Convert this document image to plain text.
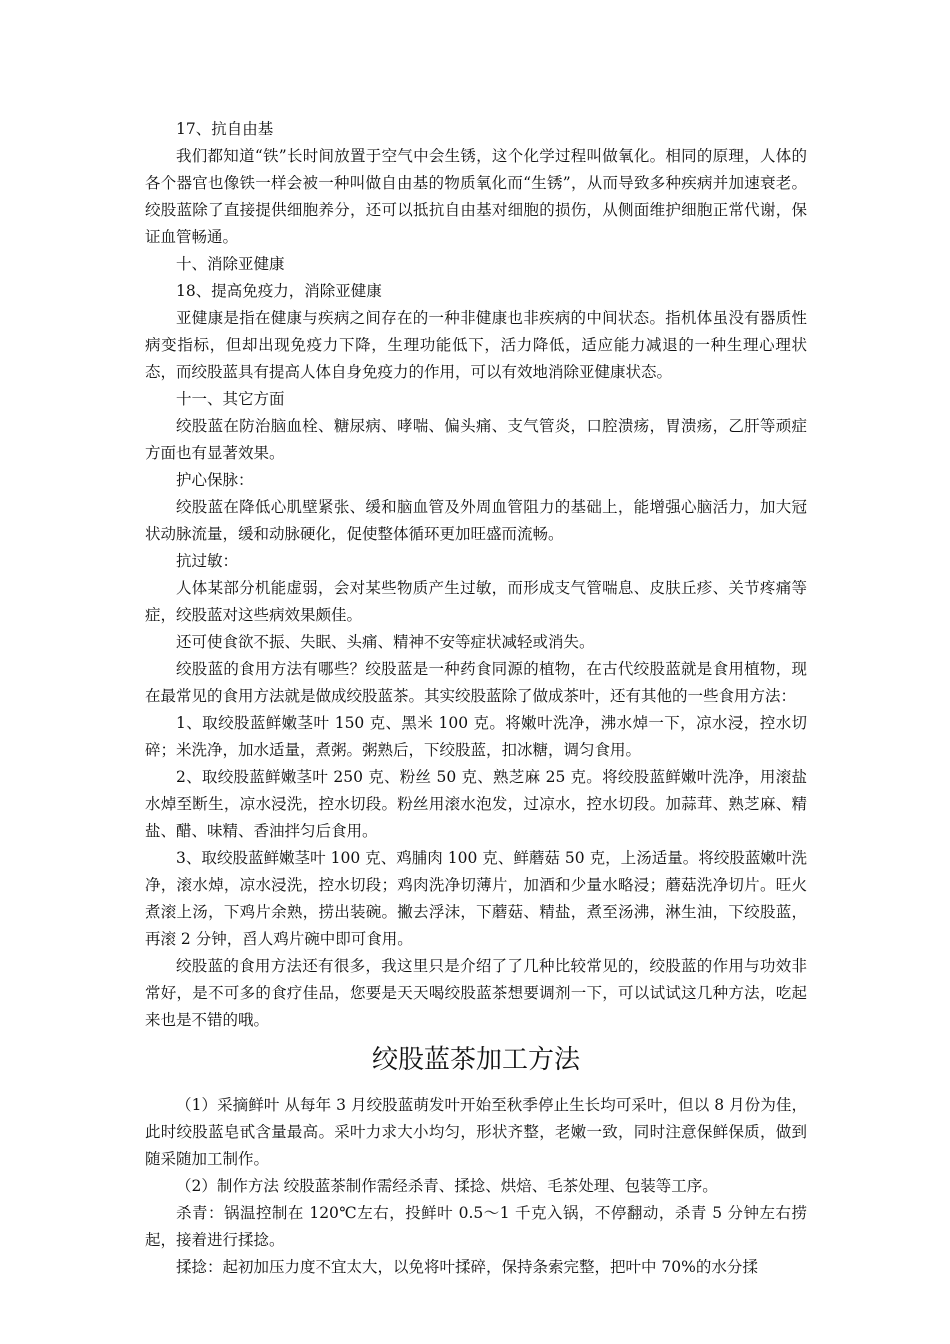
17、抗自由基

我们都知道“铁”长时间放置于空气中会生锈，这个化学过程叫做氧化。相同的原理，人体的各个器官也像铁一样会被一种叫做自由基的物质氧化而“生锈”，从而导致多种疾病并加速衰老。绞股蓝除了直接提供细胞养分，还可以抵抗自由基对细胞的损伤，从侧面维护细胞正常代谢，保证血管畅通。

十、消除亚健康

18、提高免疫力，消除亚健康

亚健康是指在健康与疾病之间存在的一种非健康也非疾病的中间状态。指机体虽没有器质性病变指标，但却出现免疫力下降，生理功能低下，活力降低，适应能力减退的一种生理心理状态，而绞股蓝具有提高人体自身免疫力的作用，可以有效地消除亚健康状态。

十一、其它方面

绞股蓝在防治脑血栓、糖尿病、哮喘、偏头痛、支气管炎，口腔溃疡，胃溃疡，乙肝等顽症方面也有显著效果。

护心保脉：

绞股蓝在降低心肌壁紧张、缓和脑血管及外周血管阻力的基础上，能增强心脑活力，加大冠状动脉流量，缓和动脉硬化，促使整体循环更加旺盛而流畅。

抗过敏：

人体某部分机能虚弱，会对某些物质产生过敏，而形成支气管喘息、皮肤丘疹、关节疼痛等症，绞股蓝对这些病效果颇佳。

还可使食欲不振、失眠、头痛、精神不安等症状减轻或消失。

绞股蓝的食用方法有哪些？绞股蓝是一种药食同源的植物，在古代绞股蓝就是食用植物，现在最常见的食用方法就是做成绞股蓝茶。其实绞股蓝除了做成茶叶，还有其他的一些食用方法：

1、取绞股蓝鲜嫩茎叶 150 克、黑米 100 克。将嫩叶洗净，沸水焯一下，凉水浸，控水切碎；米洗净，加水适量，煮粥。粥熟后，下绞股蓝，扣冰糖，调匀食用。

2、取绞股蓝鲜嫩茎叶 250 克、粉丝 50 克、熟芝麻 25 克。将绞股蓝鲜嫩叶洗净，用滚盐水焯至断生，凉水浸洗，控水切段。粉丝用滚水泡发，过凉水，控水切段。加蒜茸、熟芝麻、精盐、醋、味精、香油拌匀后食用。

3、取绞股蓝鲜嫩茎叶 100 克、鸡脯肉 100 克、鲜蘑菇 50 克，上汤适量。将绞股蓝嫩叶洗净，滚水焯，凉水浸洗，控水切段；鸡肉洗净切薄片，加酒和少量水略浸；蘑菇洗净切片。旺火煮滚上汤，下鸡片余熟，捞出装碗。撇去浮沫，下蘑菇、精盐，煮至汤沸，淋生油，下绞股蓝，再滚 2 分钟，舀人鸡片碗中即可食用。

绞股蓝的食用方法还有很多，我这里只是介绍了了几种比较常见的，绞股蓝的作用与功效非常好，是不可多的食疗佳品，您要是天天喝绞股蓝茶想要调剂一下，可以试试这几种方法，吃起来也是不错的哦。

绞股蓝茶加工方法

（1）采摘鲜叶 从每年 3 月绞股蓝萌发叶开始至秋季停止生长均可采叶，但以 8 月份为佳，此时绞股蓝皂甙含量最高。采叶力求大小均匀，形状齐整，老嫩一致，同时注意保鲜保质，做到随采随加工制作。

（2）制作方法 绞股蓝茶制作需经杀青、揉捻、烘焙、毛茶处理、包装等工序。

杀青：锅温控制在 120℃左右，投鲜叶 0.5～1 千克入锅，不停翻动，杀青 5 分钟左右捞起，接着进行揉捻。

揉捻：起初加压力度不宜太大，以免将叶揉碎，保持条索完整，把叶中 70%的水分揉
